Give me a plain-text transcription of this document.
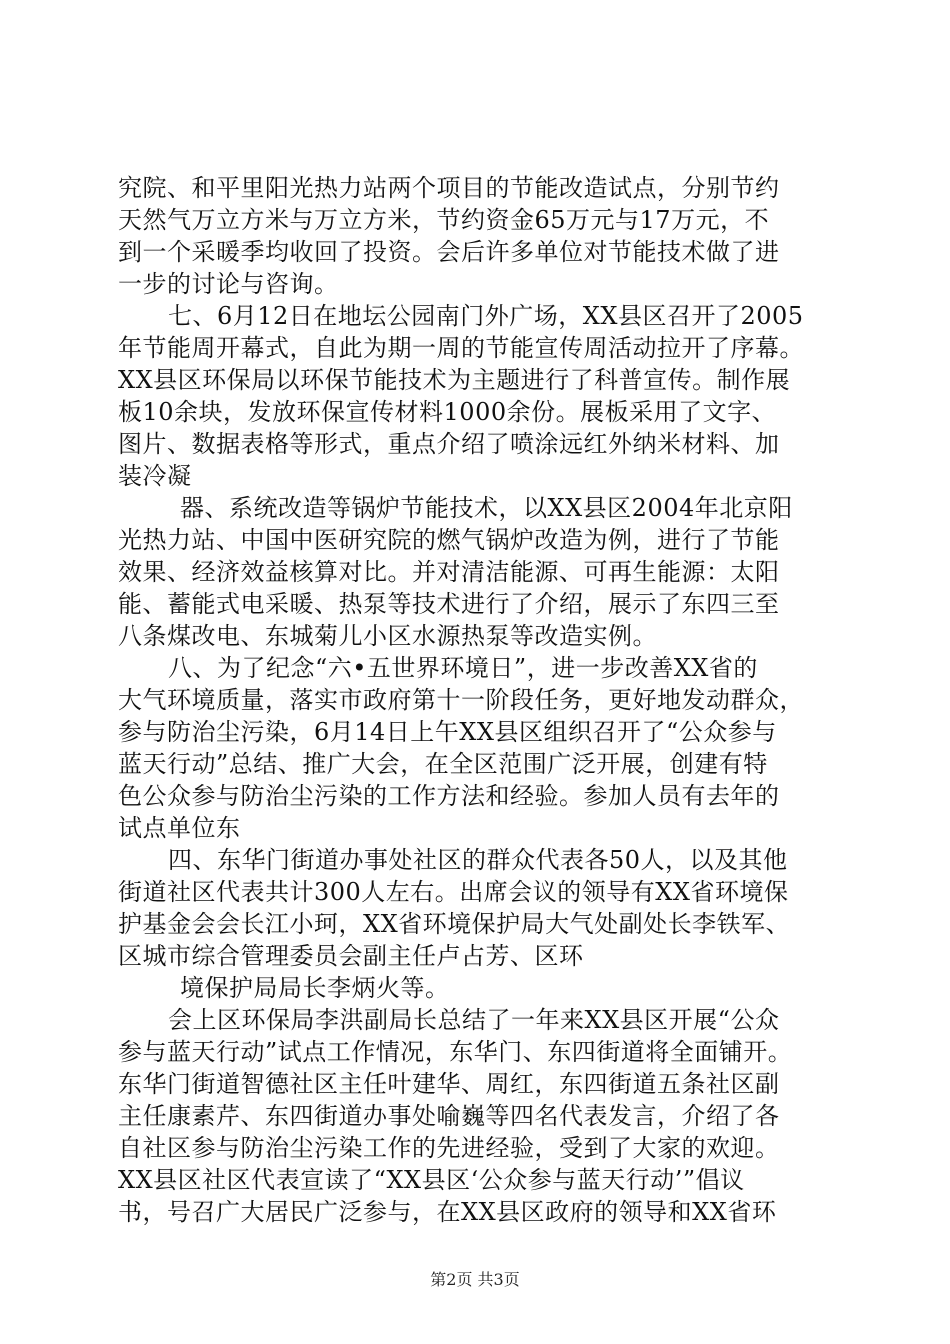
究院、和平里阳光热力站两个项目的节能改造试点，分别节约
天然气万立方米与万立方米，节约资金65万元与17万元，不
到一个采暖季均收回了投资。会后许多单位对节能技术做了进
一步的讨论与咨询。
七、6月12日在地坛公园南门外广场，XX县区召开了2005
年节能周开幕式，自此为期一周的节能宣传周活动拉开了序幕。
XX县区环保局以环保节能技术为主题进行了科普宣传。制作展
板10余块，发放环保宣传材料1000余份。展板采用了文字、
图片、数据表格等形式，重点介绍了喷涂远红外纳米材料、加
装冷凝
器、系统改造等锅炉节能技术，以XX县区2004年北京阳
光热力站、中国中医研究院的燃气锅炉改造为例，进行了节能
效果、经济效益核算对比。并对清洁能源、可再生能源：太阳
能、蓄能式电采暖、热泵等技术进行了介绍，展示了东四三至
八条煤改电、东城菊儿小区水源热泵等改造实例。
八、为了纪念“六•五世界环境日”，进一步改善XX省的
大气环境质量，落实市政府第十一阶段任务，更好地发动群众，
参与防治尘污染，6月14日上午XX县区组织召开了“公众参与
蓝天行动”总结、推广大会，在全区范围广泛开展，创建有特
色公众参与防治尘污染的工作方法和经验。参加人员有去年的
试点单位东
四、东华门街道办事处社区的群众代表各50人，以及其他
街道社区代表共计300人左右。出席会议的领导有XX省环境保
护基金会会长江小珂，XX省环境保护局大气处副处长李铁军、
区城市综合管理委员会副主任卢占芳、区环
境保护局局长李炳火等。
会上区环保局李洪副局长总结了一年来XX县区开展“公众
参与蓝天行动”试点工作情况，东华门、东四街道将全面铺开。
东华门街道智德社区主任叶建华、周红，东四街道五条社区副
主任康素芹、东四街道办事处喻巍等四名代表发言，介绍了各
自社区参与防治尘污染工作的先进经验，受到了大家的欢迎。
XX县区社区代表宣读了“XX县区‘公众参与蓝天行动’”倡议
书，号召广大居民广泛参与，在XX县区政府的领导和XX省环
第2页 共3页
